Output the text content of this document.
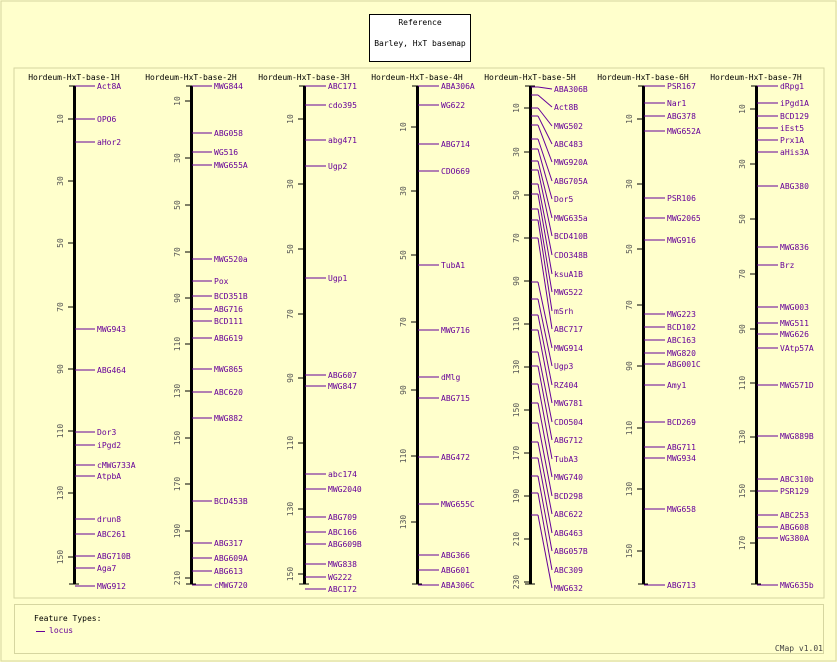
Hordeum-HxT-base-1H
10
30
50
70
90
110
130
150
Act8A
OPO6
aHor2
MWG943
ABG464
Dor3
iPgd2
cMWG733A
AtpbA
drun8
ABC261
ABG710B
Aga7
MWG912
Hordeum-HxT-base-2H
10
30
50
70
90
110
130
150
170
190
210
MWG844
ABG058
WG516
MWG655A
MWG520a
Pox
BCD351B
ABG716
BCD111
ABG619
MWG865
ABC620
MWG882
BCD453B
ABG317
ABG609A
ABG613
cMWG720
Hordeum-HxT-base-3H
10
30
50
70
90
110
130
150
ABC171
cdo395
abg471
Ugp2
Ugp1
ABG607
MWG847
abc174
MWG2040
ABG709
ABC166
ABG609B
MWG838
WG222
ABC172
Hordeum-HxT-base-4H
10
30
50
70
90
110
130
ABA306A
WG622
ABG714
CDO669
TubA1
MWG716
dMlg
ABG715
ABG472
MWG655C
ABG366
ABG601
ABA306C
Hordeum-HxT-base-5H
10
30
50
70
90
110
130
150
170
190
210
230
ABA306B
Act8B
MWG502
ABC483
MWG920A
ABG705A
Dor5
MWG635a
BCD410B
CDO348B
ksuA1B
MWG522
mSrh
ABC717
MWG914
Ugp3
RZ404
MWG781
CDO504
ABG712
TubA3
MWG740
BCD298
ABC622
ABG463
ABG057B
ABC309
MWG632
Hordeum-HxT-base-6H
10
30
50
70
90
110
130
150
PSR167
Nar1
ABG378
MWG652A
PSR106
MWG2065
MWG916
MWG223
BCD102
ABC163
MWG820
ABG001C
Amy1
BCD269
ABG711
MWG934
MWG658
ABG713
Hordeum-HxT-base-7H
10
30
50
70
90
110
130
150
170
dRpg1
iPgd1A
BCD129
iEst5
Prx1A
aHis3A
ABG380
MWG836
Brz
MWG003
MWG511
MWG626
VAtp57A
MWG571D
MWG889B
ABC310b
PSR129
ABC253
ABG608
WG380A
MWG635b
Reference
Barley, HxT basemap
Feature Types:
locus
CMap v1.01
